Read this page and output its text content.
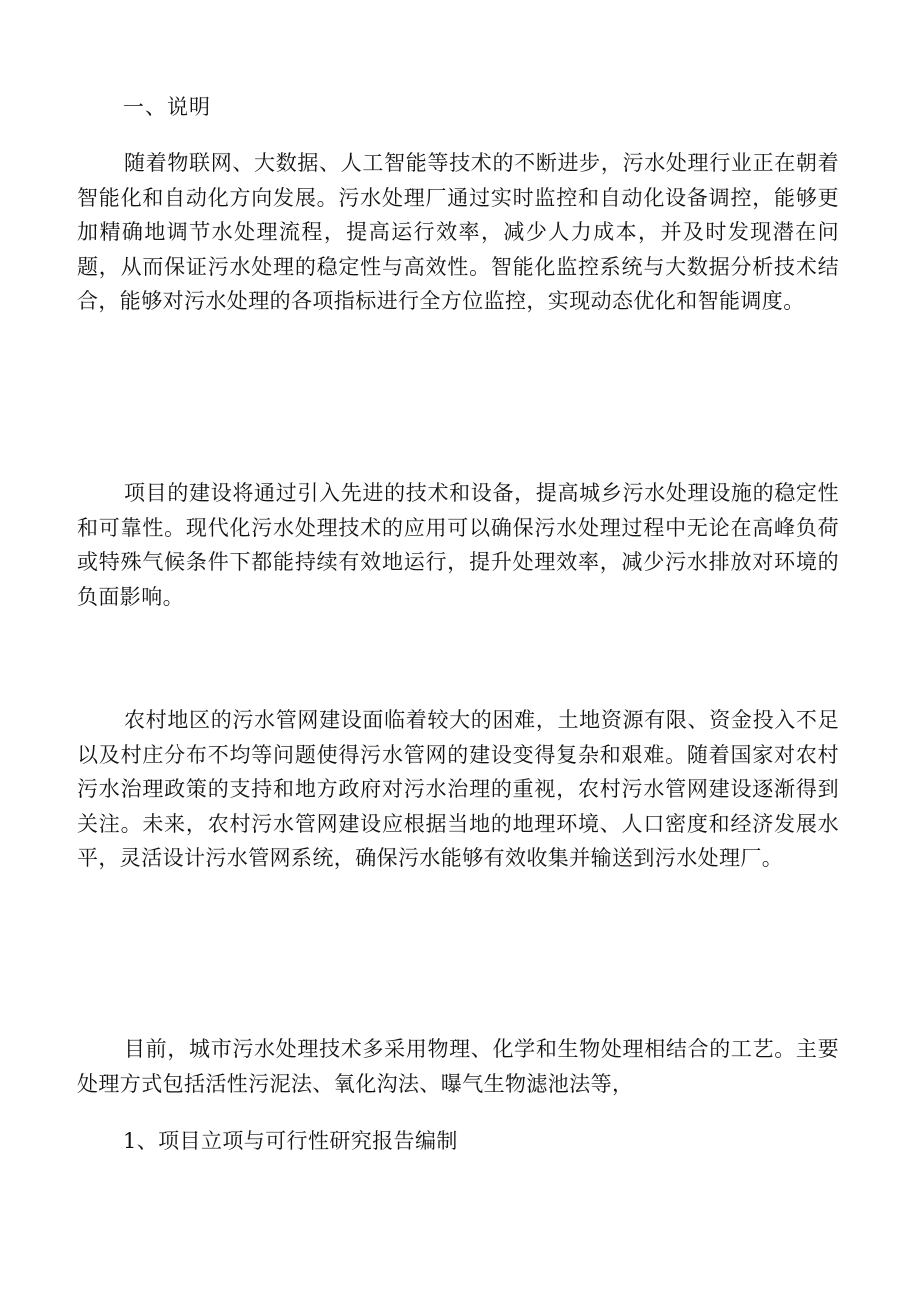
一、说明

随着物联网、大数据、人工智能等技术的不断进步，污水处理行业正在朝着智能化和自动化方向发展。污水处理厂通过实时监控和自动化设备调控，能够更加精确地调节水处理流程，提高运行效率，减少人力成本，并及时发现潜在问题，从而保证污水处理的稳定性与高效性。智能化监控系统与大数据分析技术结合，能够对污水处理的各项指标进行全方位监控，实现动态优化和智能调度。

项目的建设将通过引入先进的技术和设备，提高城乡污水处理设施的稳定性和可靠性。现代化污水处理技术的应用可以确保污水处理过程中无论在高峰负荷或特殊气候条件下都能持续有效地运行，提升处理效率，减少污水排放对环境的负面影响。

农村地区的污水管网建设面临着较大的困难，土地资源有限、资金投入不足以及村庄分布不均等问题使得污水管网的建设变得复杂和艰难。随着国家对农村污水治理政策的支持和地方政府对污水治理的重视，农村污水管网建设逐渐得到关注。未来，农村污水管网建设应根据当地的地理环境、人口密度和经济发展水平，灵活设计污水管网系统，确保污水能够有效收集并输送到污水处理厂。

目前，城市污水处理技术多采用物理、化学和生物处理相结合的工艺。主要处理方式包括活性污泥法、氧化沟法、曝气生物滤池法等，

1、项目立项与可行性研究报告编制
